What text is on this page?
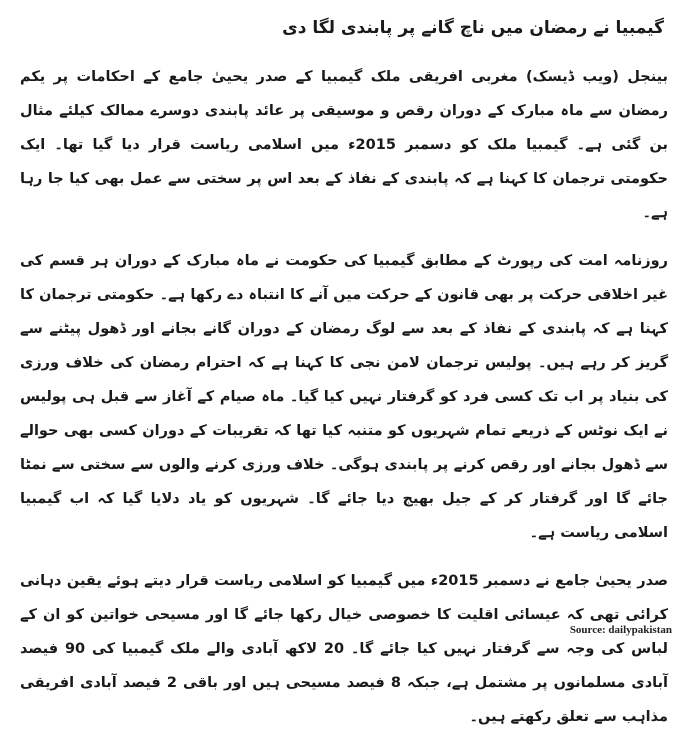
گیمبیا نے رمضان میں ناچ گانے پر پابندی لگا دی

بینجل (ویب ڈیسک) مغربی افریقی ملک گیمبیا کے صدر یحییٰ جامع کے احکامات پر یکم رمضان سے ماہ مبارک کے دوران رقص و موسیقی پر عائد پابندی دوسرے ممالک کیلئے مثال بن گئی ہے۔ گیمبیا ملک کو دسمبر 2015ء میں اسلامی ریاست قرار دیا گیا تھا۔ ایک حکومتی ترجمان کا کہنا ہے کہ پابندی کے نفاذ کے بعد اس پر سختی سے عمل بھی کیا جا رہا ہے۔

روزنامہ امت کی رپورٹ کے مطابق گیمبیا کی حکومت نے ماہ مبارک کے دوران ہر قسم کی غیر اخلاقی حرکت پر بھی قانون کے حرکت میں آنے کا انتباہ دے رکھا ہے۔ حکومتی ترجمان کا کہنا ہے کہ پابندی کے نفاذ کے بعد سے لوگ رمضان کے دوران گانے بجانے اور ڈھول پیٹنے سے گریز کر رہے ہیں۔ پولیس ترجمان لامن نجی کا کہنا ہے کہ احترام رمضان کی خلاف ورزی کی بنیاد پر اب تک کسی فرد کو گرفتار نہیں کیا گیا۔ ماہ صیام کے آغاز سے قبل ہی پولیس نے ایک نوٹس کے ذریعے تمام شہریوں کو متنبہ کیا تھا کہ تقریبات کے دوران کسی بھی حوالے سے ڈھول بجانے اور رقص کرنے پر پابندی ہوگی۔ خلاف ورزی کرنے والوں سے سختی سے نمٹا جائے گا اور گرفتار کر کے جیل بھیج دیا جائے گا۔ شہریوں کو یاد دلایا گیا کہ اب گیمبیا اسلامی ریاست ہے۔

صدر یحییٰ جامع نے دسمبر 2015ء میں گیمبیا کو اسلامی ریاست قرار دیتے ہوئے یقین دہانی کرائی تھی کہ عیسائی اقلیت کا خصوصی خیال رکھا جائے گا اور مسیحی خواتین کو ان کے لباس کی وجہ سے گرفتار نہیں کیا جائے گا۔ 20 لاکھ آبادی والے ملک گیمبیا کی 90 فیصد آبادی مسلمانوں پر مشتمل ہے، جبکہ 8 فیصد مسیحی ہیں اور باقی 2 فیصد آبادی افریقی مذاہب سے تعلق رکھتے ہیں۔

Source: dailypakistan
